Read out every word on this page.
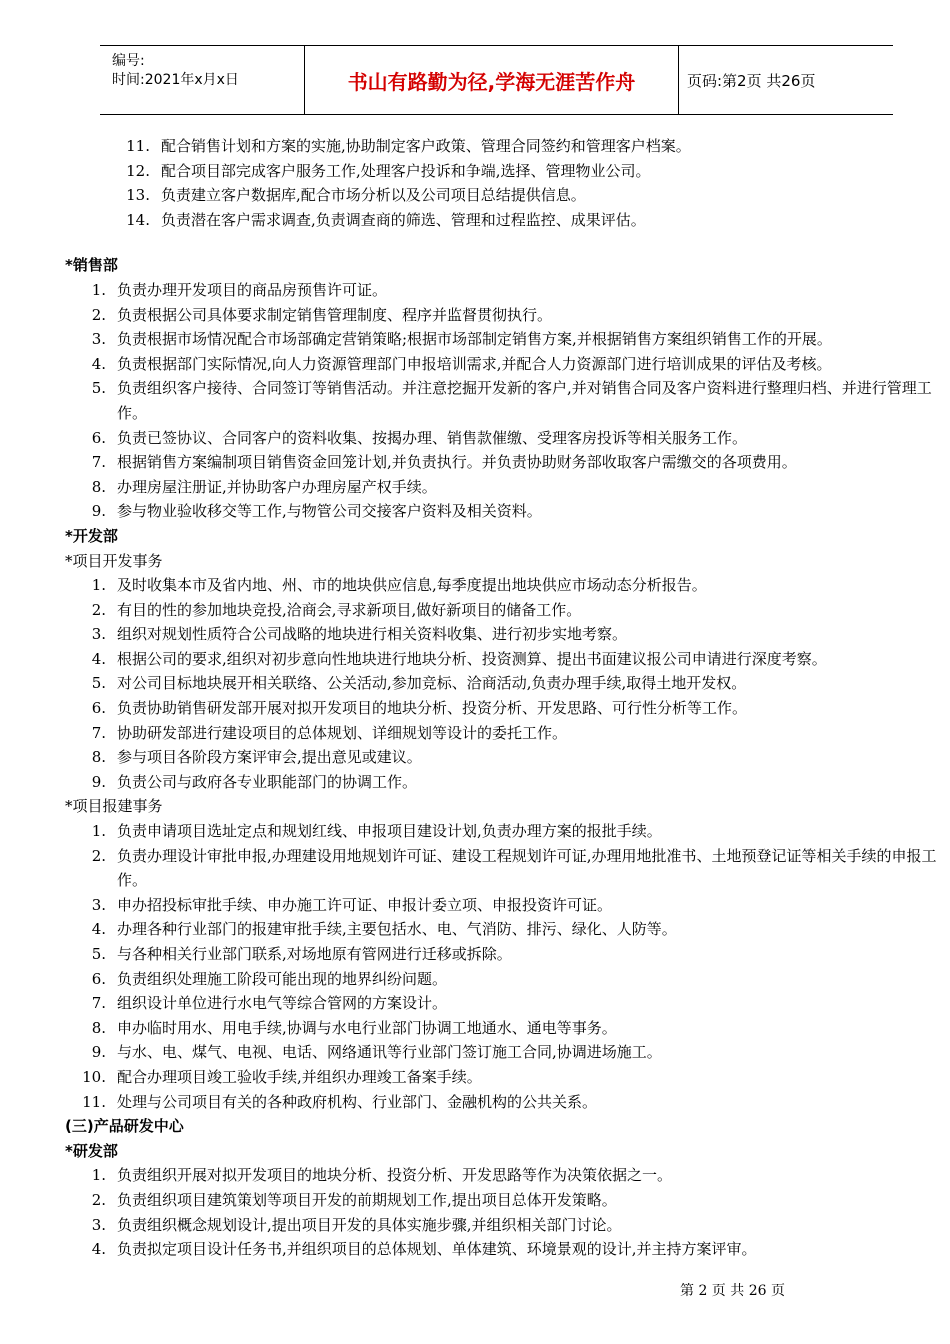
编号:
时间:2021年x月x日	书山有路勤为径,学海无涯苦作舟	页码:第2页 共26页
11. 配合销售计划和方案的实施,协助制定客户政策、管理合同签约和管理客户档案。
12. 配合项目部完成客户服务工作,处理客户投诉和争端,选择、管理物业公司。
13. 负责建立客户数据库,配合市场分析以及公司项目总结提供信息。
14. 负责潜在客户需求调查,负责调查商的筛选、管理和过程监控、成果评估。
*销售部
1. 负责办理开发项目的商品房预售许可证。
2. 负责根据公司具体要求制定销售管理制度、程序并监督贯彻执行。
3. 负责根据市场情况配合市场部确定营销策略;根据市场部制定销售方案,并根据销售方案组织销售工作的开展。
4. 负责根据部门实际情况,向人力资源管理部门申报培训需求,并配合人力资源部门进行培训成果的评估及考核。
5. 负责组织客户接待、合同签订等销售活动。并注意挖掘开发新的客户,并对销售合同及客户资料进行整理归档、并进行管理工作。
6. 负责已签协议、合同客户的资料收集、按揭办理、销售款催缴、受理客房投诉等相关服务工作。
7. 根据销售方案编制项目销售资金回笼计划,并负责执行。并负责协助财务部收取客户需缴交的各项费用。
8. 办理房屋注册证,并协助客户办理房屋产权手续。
9. 参与物业验收移交等工作,与物管公司交接客户资料及相关资料。
*开发部
*项目开发事务
1. 及时收集本市及省内地、州、市的地块供应信息,每季度提出地块供应市场动态分析报告。
2. 有目的性的参加地块竞投,洽商会,寻求新项目,做好新项目的储备工作。
3. 组织对规划性质符合公司战略的地块进行相关资料收集、进行初步实地考察。
4. 根据公司的要求,组织对初步意向性地块进行地块分析、投资测算、提出书面建议报公司申请进行深度考察。
5. 对公司目标地块展开相关联络、公关活动,参加竞标、洽商活动,负责办理手续,取得土地开发权。
6. 负责协助销售研发部开展对拟开发项目的地块分析、投资分析、开发思路、可行性分析等工作。
7. 协助研发部进行建设项目的总体规划、详细规划等设计的委托工作。
8. 参与项目各阶段方案评审会,提出意见或建议。
9. 负责公司与政府各专业职能部门的协调工作。
*项目报建事务
1. 负责申请项目选址定点和规划红线、申报项目建设计划,负责办理方案的报批手续。
2. 负责办理设计审批申报,办理建设用地规划许可证、建设工程规划许可证,办理用地批准书、土地预登记证等相关手续的申报工作。
3. 申办招投标审批手续、申办施工许可证、申报计委立项、申报投资许可证。
4. 办理各种行业部门的报建审批手续,主要包括水、电、气消防、排污、绿化、人防等。
5. 与各种相关行业部门联系,对场地原有管网进行迁移或拆除。
6. 负责组织处理施工阶段可能出现的地界纠纷问题。
7. 组织设计单位进行水电气等综合管网的方案设计。
8. 申办临时用水、用电手续,协调与水电行业部门协调工地通水、通电等事务。
9. 与水、电、煤气、电视、电话、网络通讯等行业部门签订施工合同,协调进场施工。
10. 配合办理项目竣工验收手续,并组织办理竣工备案手续。
11. 处理与公司项目有关的各种政府机构、行业部门、金融机构的公共关系。
(三)产品研发中心
*研发部
1. 负责组织开展对拟开发项目的地块分析、投资分析、开发思路等作为决策依据之一。
2. 负责组织项目建筑策划等项目开发的前期规划工作,提出项目总体开发策略。
3. 负责组织概念规划设计,提出项目开发的具体实施步骤,并组织相关部门讨论。
4. 负责拟定项目设计任务书,并组织项目的总体规划、单体建筑、环境景观的设计,并主持方案评审。
第 2 页 共 26 页
